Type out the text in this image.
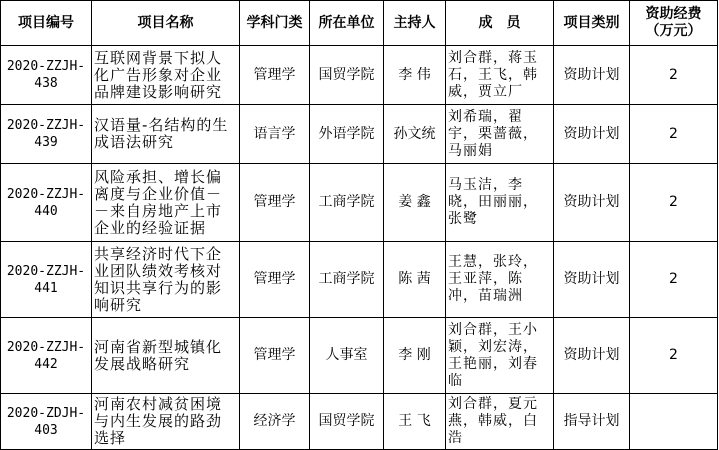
项目编号	项目名称	学科门类	所在单位	主持人	成　员	项目类别	资助经费（万元）
2020-ZZJH-438	互联网背景下拟人化广告形象对企业品牌建设影响研究	管理学	国贸学院	李 伟	刘合群，蒋玉石，王飞，韩威，贾立厂	资助计划	2
2020-ZZJH-439	汉语量-名结构的生成语法研究	语言学	外语学院	孙文统	刘希瑞，翟宇，栗蔷薇，马丽娟	资助计划	2
2020-ZZJH-440	风险承担、增长偏离度与企业价值－－来自房地产上市企业的经验证据	管理学	工商学院	姜 鑫	马玉洁，李晓，田丽丽，张鹭	资助计划	2
2020-ZZJH-441	共享经济时代下企业团队绩效考核对知识共享行为的影响研究	管理学	工商学院	陈 茜	王慧，张玲，王亚萍，陈冲，苗瑞洲	资助计划	2
2020-ZZJH-442	河南省新型城镇化发展战略研究	管理学	人事室	李 刚	刘合群，王小颖，刘宏涛，王艳丽，刘春临	资助计划	2
2020-ZDJH-403	河南农村减贫困境与内生发展的路劲选择	经济学	国贸学院	王 飞	刘合群，夏元燕，韩威，白浩	指导计划	
